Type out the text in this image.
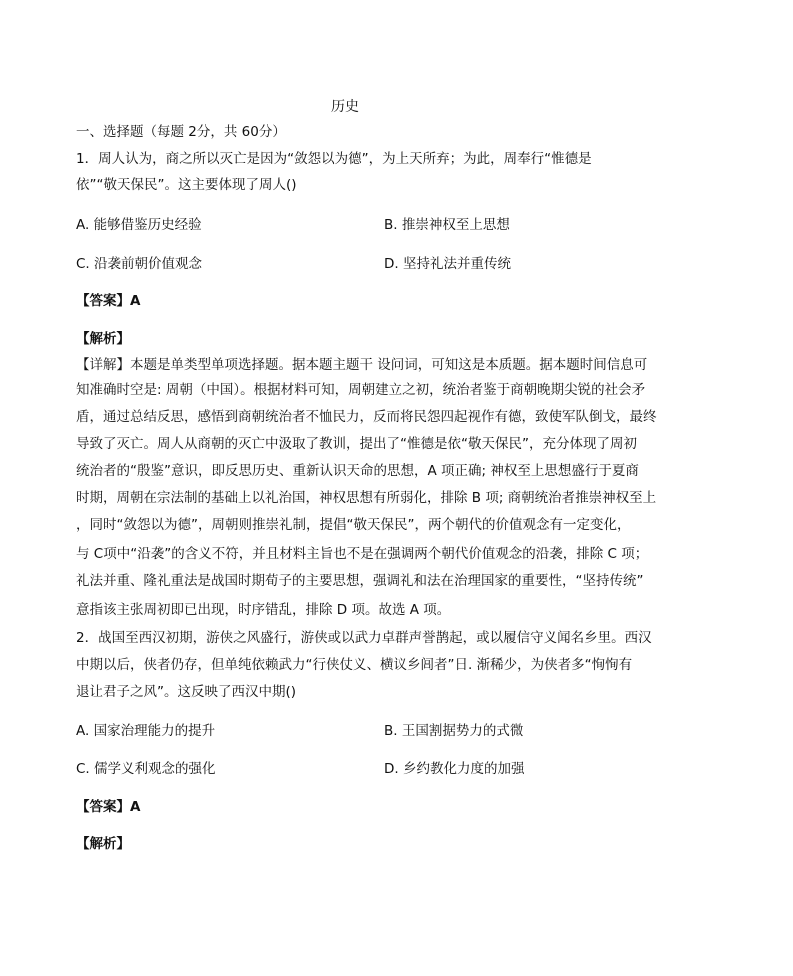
历史
一、选择题（每题 2分，共 60分）
1．周人认为，商之所以灭亡是因为“敛怨以为德”，为上天所弃；为此，周奉行“惟德是
依”“敬天保民”。这主要体现了周人()
A. 能够借鉴历史经验	B. 推崇神权至上思想
C. 沿袭前朝价值观念	D. 坚持礼法并重传统
【答案】A
【解析】
【详解】本题是单类型单项选择题。据本题主题干 设问词，可知这是本质题。据本题时间信息可
知准确时空是: 周朝（中国）。根据材料可知，周朝建立之初，统治者鉴于商朝晚期尖锐的社会矛
盾，通过总结反思，感悟到商朝统治者不恤民力，反而将民怨四起视作有德，致使军队倒戈，最终
导致了灭亡。周人从商朝的灭亡中汲取了教训，提出了“惟德是依“敬天保民”，充分体现了周初
统治者的“殷鉴”意识，即反思历史、重新认识天命的思想，A 项正确; 神权至上思想盛行于夏商
时期，周朝在宗法制的基础上以礼治国，神权思想有所弱化，排除 B 项; 商朝统治者推崇神权至上
，同时“敛怨以为德”，周朝则推崇礼制，提倡“敬天保民”，两个朝代的价值观念有一定变化，
与 C项中“沿袭”的含义不符，并且材料主旨也不是在强调两个朝代价值观念的沿袭，排除 C 项；
礼法并重、隆礼重法是战国时期荀子的主要思想，强调礼和法在治理国家的重要性，“坚持传统”
意指该主张周初即已出现，时序错乱，排除 D 项。故选 A 项。
2．战国至西汉初期，游侠之风盛行，游侠或以武力卓群声誉鹊起，或以履信守义闻名乡里。西汉
中期以后，侠者仍存，但单纯依赖武力“行侠仗义、横议乡闾者”日. 渐稀少，为侠者多“恂恂有
退让君子之风”。这反映了西汉中期()
A. 国家治理能力的提升	B. 王国割据势力的式微
C. 儒学义利观念的强化	D. 乡约教化力度的加强
【答案】A
【解析】
